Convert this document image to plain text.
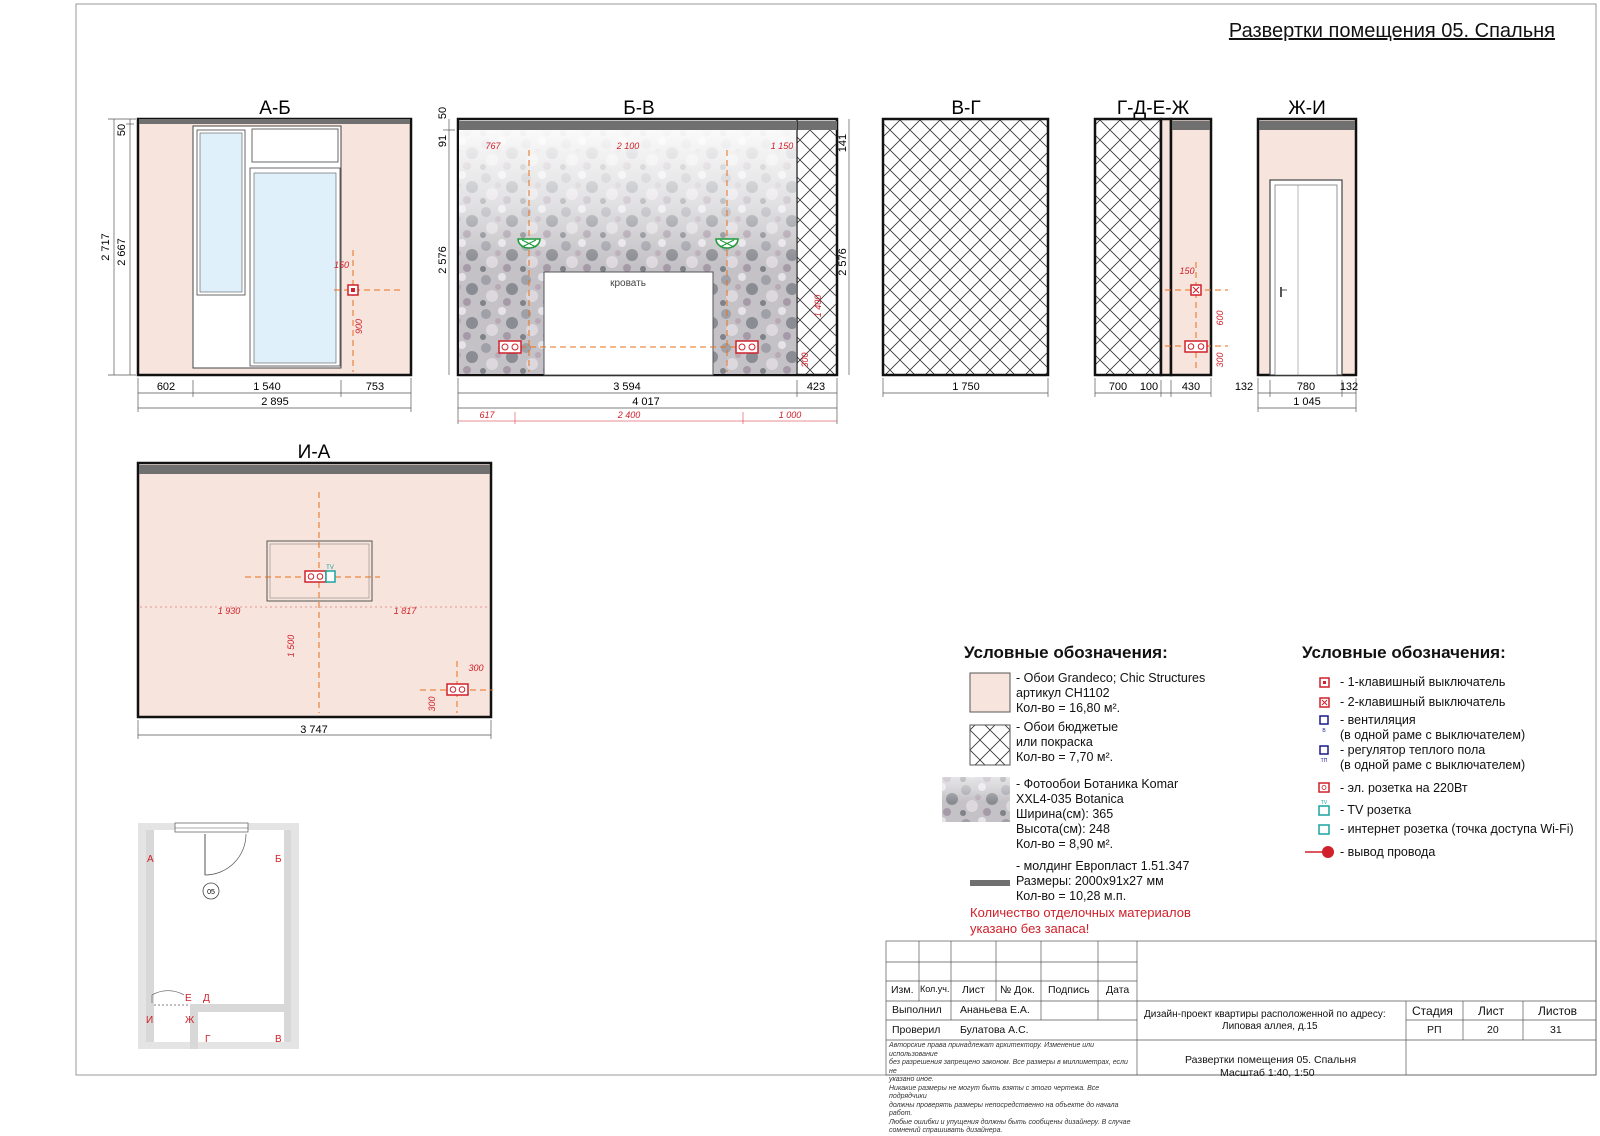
А-Б
150
900
50
2 717 2 667
602	1 540	753
2 895
Б-В
кровать
767	2 100	1 150
1 400
300
50
91
2 576
141
2 576
3 594	423
4 017
617	2 400	1 000
В-Г
1 750
Г-Д-Е-Ж
150
600
300
700 100 430
Ж-И
132	780 132
1 045
И-А
TV
1 930	1 817
1 500
300
300
3 747
05
А	Б
В
Г
Д
Е
Ж
И
В
ТП
TV
Развертки помещения 05. Спальня
Условные обозначения:
- Обои Grandeco; Chic Structures
артикул CH1102
Кол-во = 16,80 м².
- Обои бюджетые
или покраска
Кол-во = 7,70 м².
- Фотообои Ботаника Komar
XXL4-035 Botanica
Ширина(см): 365
Высота(см): 248
Кол-во = 8,90 м².
- молдинг Европласт 1.51.347
Размеры: 2000х91х27 мм
Кол-во = 10,28 м.п.
Количество отделочных материалов
указано без запаса!
Условные обозначения:
- 1-клавишный выключатель
- 2-клавишный выключатель
- вентиляция
(в одной раме с выключателем)
- регулятор теплого пола
(в одной раме с выключателем)
- эл. розетка на 220Вт
- TV розетка
- интернет розетка (точка доступа Wi-Fi)
- вывод провода
Изм. Кол.уч. Лист № Док. Подпись Дата
Выполнил Ананьева Е.А.
Проверил Булатова А.С.
Дизайн-проект квартиры расположенной по адресу:
Липовая аллея, д.15
Развертки помещения 05. Спальня
Масштаб 1:40, 1:50
Стадия
РП
Лист
20
Листов
31
Авторские права принадлежат архитектору. Изменение или использование
без разрешения запрещено законом. Все размеры в миллиметрах, если не
указано иное.
Никакие размеры не могут быть взяты с этого чертежа. Все подрядчики
должны проверять размеры непосредственно на объекте до начала работ.
Любые ошибки и упущения должны быть сообщены дизайнеру. В случае
сомнений спрашивать дизайнера.
